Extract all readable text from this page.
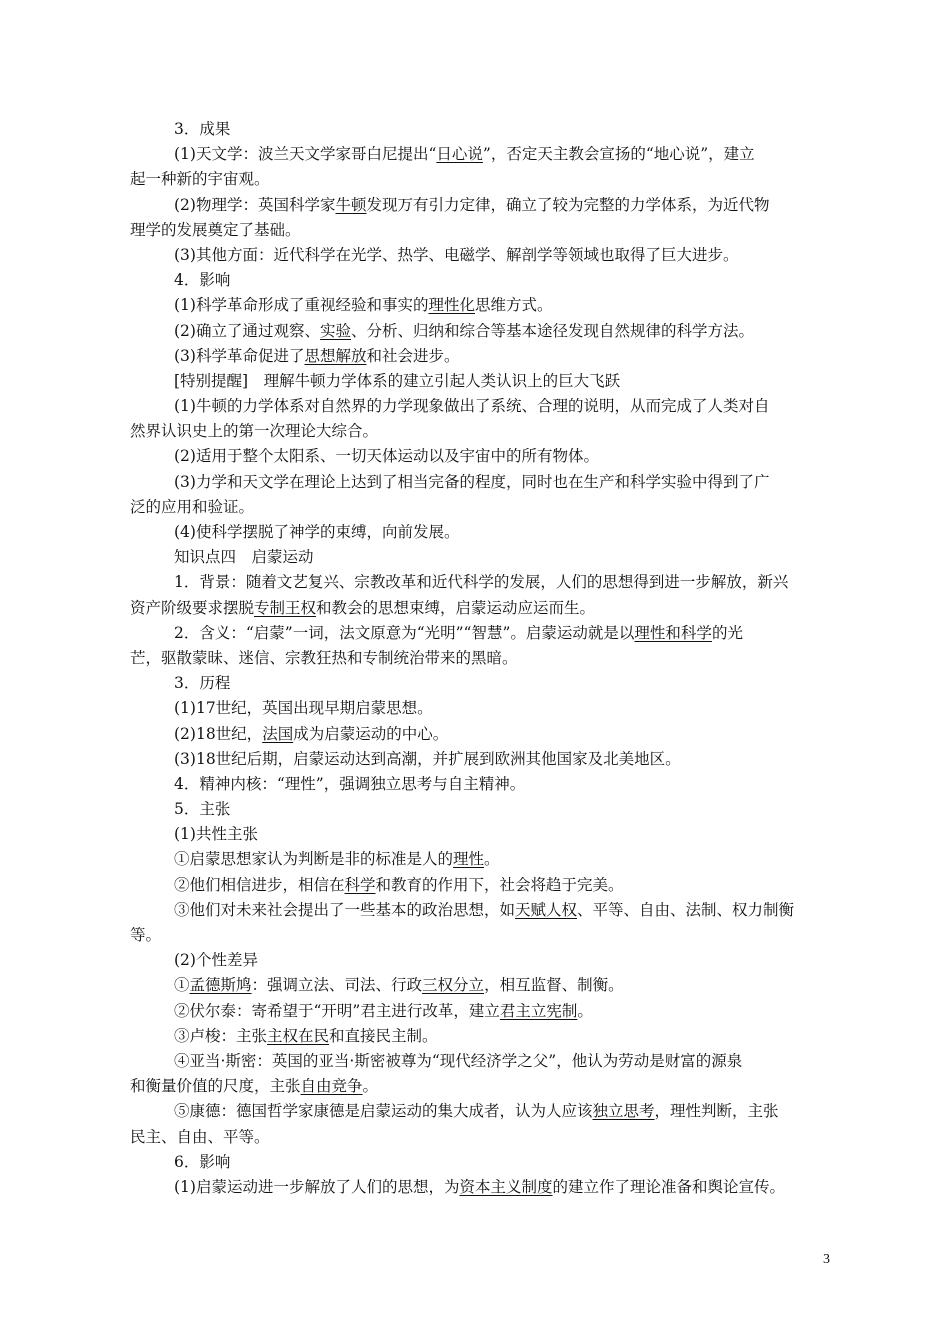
3．成果
(1)天文学：波兰天文学家哥白尼提出“日心说”，否定天主教会宣扬的“地心说”，建立
起一种新的宇宙观。
(2)物理学：英国科学家牛顿发现万有引力定律，确立了较为完整的力学体系，为近代物
理学的发展奠定了基础。
(3)其他方面：近代科学在光学、热学、电磁学、解剖学等领域也取得了巨大进步。
4．影响
(1)科学革命形成了重视经验和事实的理性化思维方式。
(2)确立了通过观察、实验、分析、归纳和综合等基本途径发现自然规律的科学方法。
(3)科学革命促进了思想解放和社会进步。
[特别提醒]　理解牛顿力学体系的建立引起人类认识上的巨大飞跃
(1)牛顿的力学体系对自然界的力学现象做出了系统、合理的说明，从而完成了人类对自
然界认识史上的第一次理论大综合。
(2)适用于整个太阳系、一切天体运动以及宇宙中的所有物体。
(3)力学和天文学在理论上达到了相当完备的程度，同时也在生产和科学实验中得到了广
泛的应用和验证。
(4)使科学摆脱了神学的束缚，向前发展。
知识点四　启蒙运动
1．背景：随着文艺复兴、宗教改革和近代科学的发展，人们的思想得到进一步解放，新兴
资产阶级要求摆脱专制王权和教会的思想束缚，启蒙运动应运而生。
2．含义：“启蒙”一词，法文原意为“光明”“智慧”。启蒙运动就是以理性和科学的光
芒，驱散蒙昧、迷信、宗教狂热和专制统治带来的黑暗。
3．历程
(1)17世纪，英国出现早期启蒙思想。
(2)18世纪，法国成为启蒙运动的中心。
(3)18世纪后期，启蒙运动达到高潮，并扩展到欧洲其他国家及北美地区。
4．精神内核：“理性”，强调独立思考与自主精神。
5．主张
(1)共性主张
①启蒙思想家认为判断是非的标准是人的理性。
②他们相信进步，相信在科学和教育的作用下，社会将趋于完美。
③他们对未来社会提出了一些基本的政治思想，如天赋人权、平等、自由、法制、权力制衡
等。
(2)个性差异
①孟德斯鸠：强调立法、司法、行政三权分立，相互监督、制衡。
②伏尔泰：寄希望于“开明”君主进行改革，建立君主立宪制。
③卢梭：主张主权在民和直接民主制。
④亚当·斯密：英国的亚当·斯密被尊为“现代经济学之父”，他认为劳动是财富的源泉
和衡量价值的尺度，主张自由竞争。
⑤康德：德国哲学家康德是启蒙运动的集大成者，认为人应该独立思考，理性判断，主张
民主、自由、平等。
6．影响
(1)启蒙运动进一步解放了人们的思想，为资本主义制度的建立作了理论准备和舆论宣传。
3
